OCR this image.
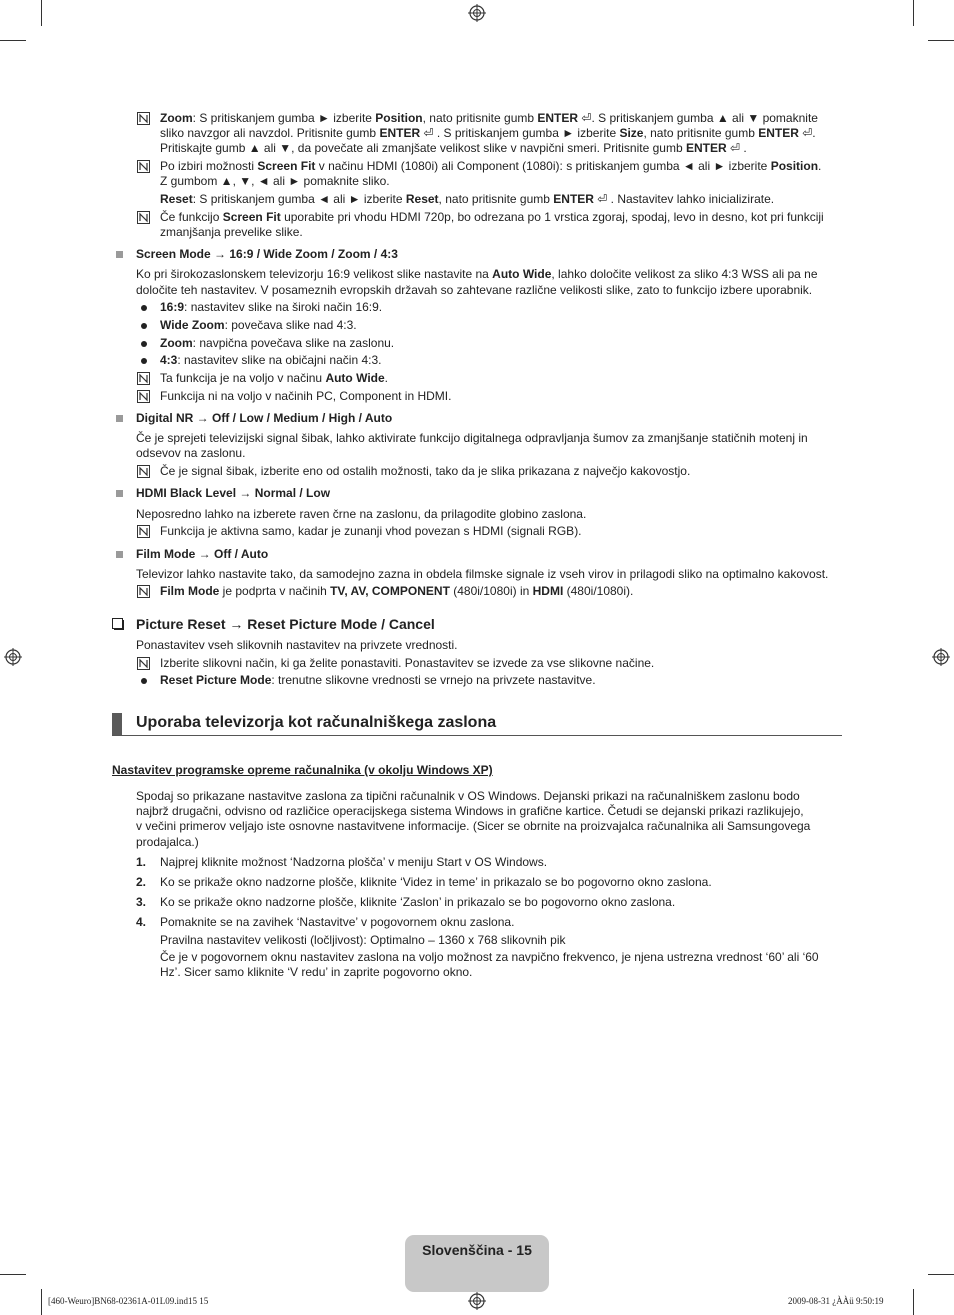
Zoom: S pritiskanjem gumba ► izberite Position, nato pritisnite gumb ENTER ⏎. S pritiskanjem gumba ▲ ali ▼ pomaknite
sliko navzgor ali navzdol. Pritisnite gumb ENTER ⏎ . S pritiskanjem gumba ► izberite Size, nato pritisnite gumb ENTER ⏎.
Pritiskajte gumb ▲ ali ▼, da povečate ali zmanjšate velikost slike v navpični smeri. Pritisnite gumb ENTER ⏎ .
Po izbiri možnosti Screen Fit v načinu HDMI (1080i) ali Component (1080i): s pritiskanjem gumba ◄ ali ► izberite Position.
Z gumbom ▲, ▼, ◄ ali ► pomaknite sliko.
Reset: S pritiskanjem gumba ◄ ali ► izberite Reset, nato pritisnite gumb ENTER ⏎ . Nastavitev lahko inicializirate.
Če funkcijo Screen Fit uporabite pri vhodu HDMI 720p, bo odrezana po 1 vrstica zgoraj, spodaj, levo in desno, kot pri funkciji
zmanjšanja prevelike slike.
Screen Mode → 16:9 / Wide Zoom / Zoom / 4:3
Ko pri širokozaslonskem televizorju 16:9 velikost slike nastavite na Auto Wide, lahko določite velikost za sliko 4:3 WSS ali pa ne
določite teh nastavitev. V posameznih evropskih državah so zahtevane različne velikosti slike, zato to funkcijo izbere uporabnik.
16:9: nastavitev slike na široki način 16:9.
Wide Zoom: povečava slike nad 4:3.
Zoom: navpična povečava slike na zaslonu.
4:3: nastavitev slike na običajni način 4:3.
Ta funkcija je na voljo v načinu Auto Wide.
Funkcija ni na voljo v načinih PC, Component in HDMI.
Digital NR → Off / Low / Medium / High / Auto
Če je sprejeti televizijski signal šibak, lahko aktivirate funkcijo digitalnega odpravljanja šumov za zmanjšanje statičnih motenj in
odsevov na zaslonu.
Če je signal šibak, izberite eno od ostalih možnosti, tako da je slika prikazana z največjo kakovostjo.
HDMI Black Level → Normal / Low
Neposredno lahko na izberete raven črne na zaslonu, da prilagodite globino zaslona.
Funkcija je aktivna samo, kadar je zunanji vhod povezan s HDMI (signali RGB).
Film Mode → Off / Auto
Televizor lahko nastavite tako, da samodejno zazna in obdela filmske signale iz vseh virov in prilagodi sliko na optimalno kakovost.
Film Mode je podprta v načinih TV, AV, COMPONENT (480i/1080i) in HDMI (480i/1080i).
Picture Reset → Reset Picture Mode / Cancel
Ponastavitev vseh slikovnih nastavitev na privzete vrednosti.
Izberite slikovni način, ki ga želite ponastaviti. Ponastavitev se izvede za vse slikovne načine.
Reset Picture Mode: trenutne slikovne vrednosti se vrnejo na privzete nastavitve.
Uporaba televizorja kot računalniškega zaslona
Nastavitev programske opreme računalnika (v okolju Windows XP)
Spodaj so prikazane nastavitve zaslona za tipični računalnik v OS Windows. Dejanski prikazi na računalniškem zaslonu bodo
najbrž drugačni, odvisno od različice operacijskega sistema Windows in grafične kartice. Četudi se dejanski prikazi razlikujejo,
v večini primerov veljajo iste osnovne nastavitvene informacije. (Sicer se obrnite na proizvajalca računalnika ali Samsungovega
prodajalca.)
1. Najprej kliknite možnost ‘Nadzorna plošča’ v meniju Start v OS Windows.
2. Ko se prikaže okno nadzorne plošče, kliknite ‘Videz in teme’ in prikazalo se bo pogovorno okno zaslona.
3. Ko se prikaže okno nadzorne plošče, kliknite ‘Zaslon’ in prikazalo se bo pogovorno okno zaslona.
4. Pomaknite se na zavihek ‘Nastavitve’ v pogovornem oknu zaslona.
Pravilna nastavitev velikosti (ločljivost): Optimalno – 1360 x 768 slikovnih pik
Če je v pogovornem oknu nastavitev zaslona na voljo možnost za navpično frekvenco, je njena ustrezna vrednost ‘60’ ali ‘60
Hz’. Sicer samo kliknite ‘V redu’ in zaprite pogovorno okno.
Slovenščina - 15
[460-Weuro]BN68-02361A-01L09.ind15 15	2009-08-31 ¿ÀÀü 9:50:19
